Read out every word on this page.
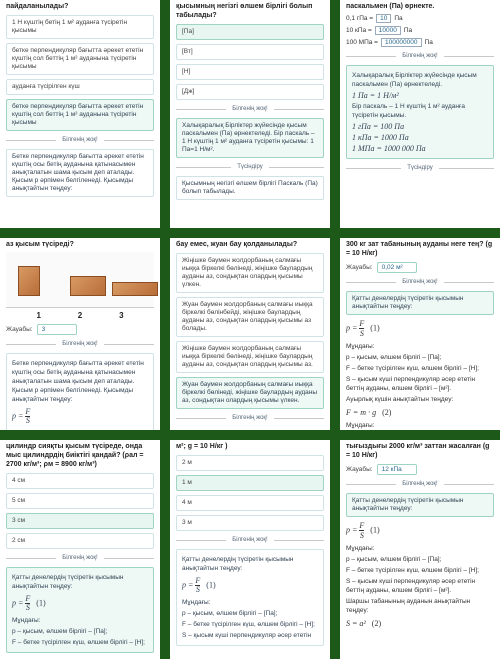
пайдаланылады?
1 Н күштің бетің 1 м² ауданға түсіретін қысымы
бетке перпендикуляр бағытта әрекет ететін күштің сол беттің 1 м² ауданына түсіретін қысымы
ауданға түсірілген күш
бетке перпендикуляр бағытта әрекет ететін күштің сол беттің 1 м² ауданына түсіретін қысымы
Білгенің жоқ!
Бетке перпендикуляр бағытта әрекет ететін күштің осы бетің ауданына қатынасымен анықталатын шама қысым деп аталады. Қысым p әрпімен белгіленеді. Қысымды анықтайтын теңдеу:
қысымның негізгі өлшем бірлігі болып табылады?
[Па]
[Вт]
[Н]
[Дж]
Білгенің жоқ!
Халықаралық Бірліктер жүйесінде қысым паскальмен (Па) өрнектеледі. Бір паскаль – 1 Н күштің 1 м² ауданға түсіретін қысымы: 1 Па=1 Н/м².
Түсіндіру
Қысымның негізгі өлшем бірлігі Паскаль (Па) болып табылады.
паскальмен (Па) өрнекте.
0,1 гПа =	10	Па
10 кПа =	10000	Па
100 МПа =	100000000	Па
Білгенің жоқ!
Халықаралық Бірліктер жүйесінде қысым паскальмен (Па) өрнектеледі.
1 Па = 1 Н/м²
Бір паскаль – 1 Н күштің 1 м² ауданға түсіретін қысымы.
1 гПа = 100 Па
1 кПа = 1000 Па
1 МПа = 1000 000 Па
Түсіндіру
аз қысым түсіреді?
1	2	3
Жауабы:	3
Білгенің жоқ!
Бетке перпендикуляр бағытта әрекет ететін күштің осы бетің ауданына қатынасымен анықталатын шама қысым деп аталады. Қысым p әрпімен белгіленеді. Қысымды анықтайтын теңдеу:
$p = \frac{F}{S}$
бау емес, жуан бау қолданылады?
Жіңішке баумен жолдорбаның салмағы иыққа біркелкі бөлінеді, жіңішке баулардың ауданы аз, сондықтан олардың қысымы үлкен.
Жуан баумен жолдорбаның салмағы иыққа біркелкі бөлінбейді, жіңішке баулардың ауданы аз, сондықтан олардың қысымы аз болады.
Жіңішке баумен жолдорбаның салмағы иыққа біркелкі бөлінеді, жіңішке баулардың ауданы аз, сондықтан олардың қысымы аз.
Жуан баумен жолдорбаның салмағы иыққа біркелкі бөлінеді, жіңішке баулардың ауданы аз, сондықтан олардың қысымы үлкен.
Білгенің жоқ!
300 кг зат табанының ауданы неге тең? (g = 10 Н/кг)
Жауабы:	0,02 м²
Білгенің жоқ!
Қатты денелердің түсіретін қысымын анықтайтын теңдеу:
$p = \frac{F}{S} (1)$
Мұндағы:
p – қысым, өлшем бірлігі – [Па];
F – бетке түсірілген күш, өлшем бірлігі – [Н];
S – қысым күші перпендикуляр әсер ететін беттің ауданы, өлшем бірлігі – [м²].
Ауырлық күшін анықтайтын теңдеу:
F = m · g (2)
Мұндағы:
цилиндр сияқты қысым түсіреде, онда мыс цилиндрдің биіктігі қандай? (ρал = 2700 кг/м³; ρм = 8900 кг/м³)
4 см
5 см
3 см
2 см
Білгенің жоқ!
Қатты денелердің түсіретін қысымын анықтайтын теңдеу:
$p = \frac{F}{S} (1)$
Мұндағы:
p – қысым, өлшем бірлігі – [Па];
F – бетке түсірілген күш, өлшем бірлігі – [Н];
м²; g = 10 Н/кг )
2 м
1 м
4 м
3 м
Білгенің жоқ!
Қатты денелердің түсіретін қысымын анықтайтын теңдеу:
$p = \frac{F}{S} (1)$
Мұндағы:
p – қысым, өлшем бірлігі – [Па];
F – бетке түсірілген күш, өлшем бірлігі – [Н];
S – қысым күші перпендикуляр әсер ететін
тығыздығы 2000 кг/м³ заттан жасалған (g = 10 Н/кг)
Жауабы:	12 кПа
Білгенің жоқ!
Қатты денелердің түсіретін қысымын анықтайтын теңдеу:
$p = \frac{F}{S} (1)$
Мұндағы:
p – қысым, өлшем бірлігі – [Па];
F – бетке түсірілген күш, өлшем бірлігі – [Н];
S – қысым күші перпендикуляр әсер ететін беттің ауданы, өлшем бірлігі – [м²].
Шаршы табанының ауданын анықтайтын теңдеу:
S = a² (2)
